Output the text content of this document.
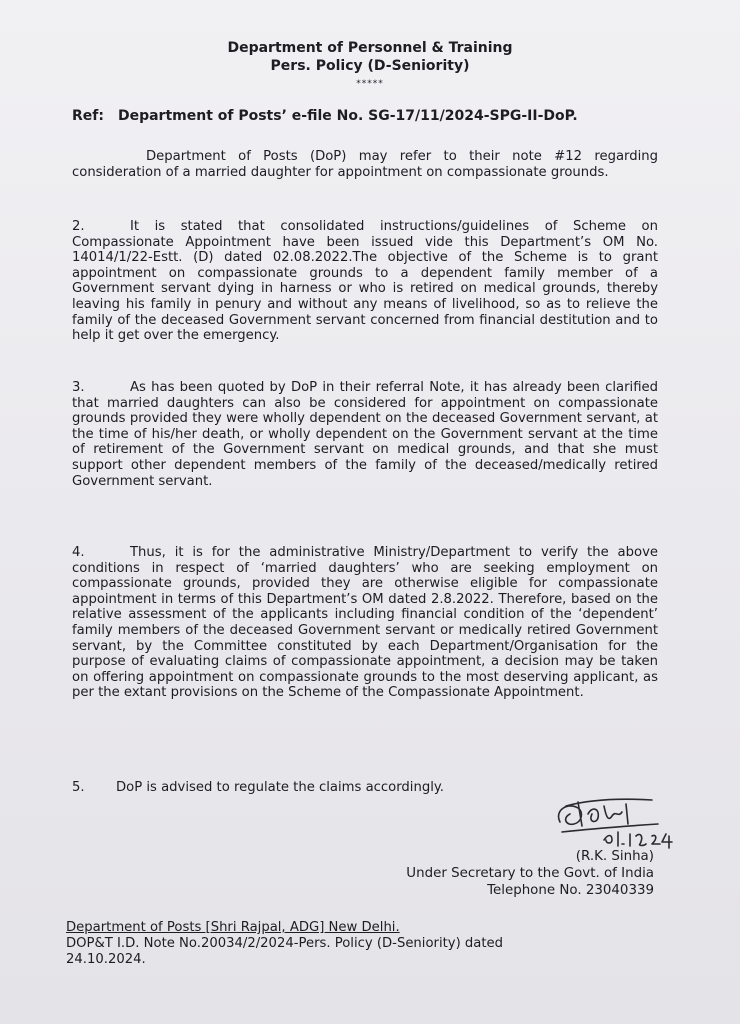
Department of Personnel & Training
Pers. Policy (D-Seniority)
*****
Ref: Department of Posts’ e-file No. SG-17/11/2024-SPG-II-DoP.

Department of Posts (DoP) may refer to their note #12 regarding consideration of a married daughter for appointment on compassionate grounds.

2.	It is stated that consolidated instructions/guidelines of Scheme on Compassionate Appointment have been issued vide this Department’s OM No. 14014/1/22-Estt. (D) dated 02.08.2022.The objective of the Scheme is to grant appointment on compassionate grounds to a dependent family member of a Government servant dying in harness or who is retired on medical grounds, thereby leaving his family in penury and without any means of livelihood, so as to relieve the family of the deceased Government servant concerned from financial destitution and to help it get over the emergency.

3.	As has been quoted by DoP in their referral Note, it has already been clarified that married daughters can also be considered for appointment on compassionate grounds provided they were wholly dependent on the deceased Government servant, at the time of his/her death, or wholly dependent on the Government servant at the time of retirement of the Government servant on medical grounds, and that she must support other dependent members of the family of the deceased/medically retired Government servant.

4.	Thus, it is for the administrative Ministry/Department to verify the above conditions in respect of ‘married daughters’ who are seeking employment on compassionate grounds, provided they are otherwise eligible for compassionate appointment in terms of this Department’s OM dated 2.8.2022. Therefore, based on the relative assessment of the applicants including financial condition of the ‘dependent’ family members of the deceased Government servant or medically retired Government servant, by the Committee constituted by each Department/Organisation for the purpose of evaluating claims of compassionate appointment, a decision may be taken on offering appointment on compassionate grounds to the most deserving applicant, as per the extant provisions on the Scheme of the Compassionate Appointment.

5. DoP is advised to regulate the claims accordingly.

(R.K. Sinha)
Under Secretary to the Govt. of India
Telephone No. 23040339
Department of Posts [Shri Rajpal, ADG] New Delhi.
DOP&T I.D. Note No.20034/2/2024-Pers. Policy (D-Seniority) dated
24.10.2024.
